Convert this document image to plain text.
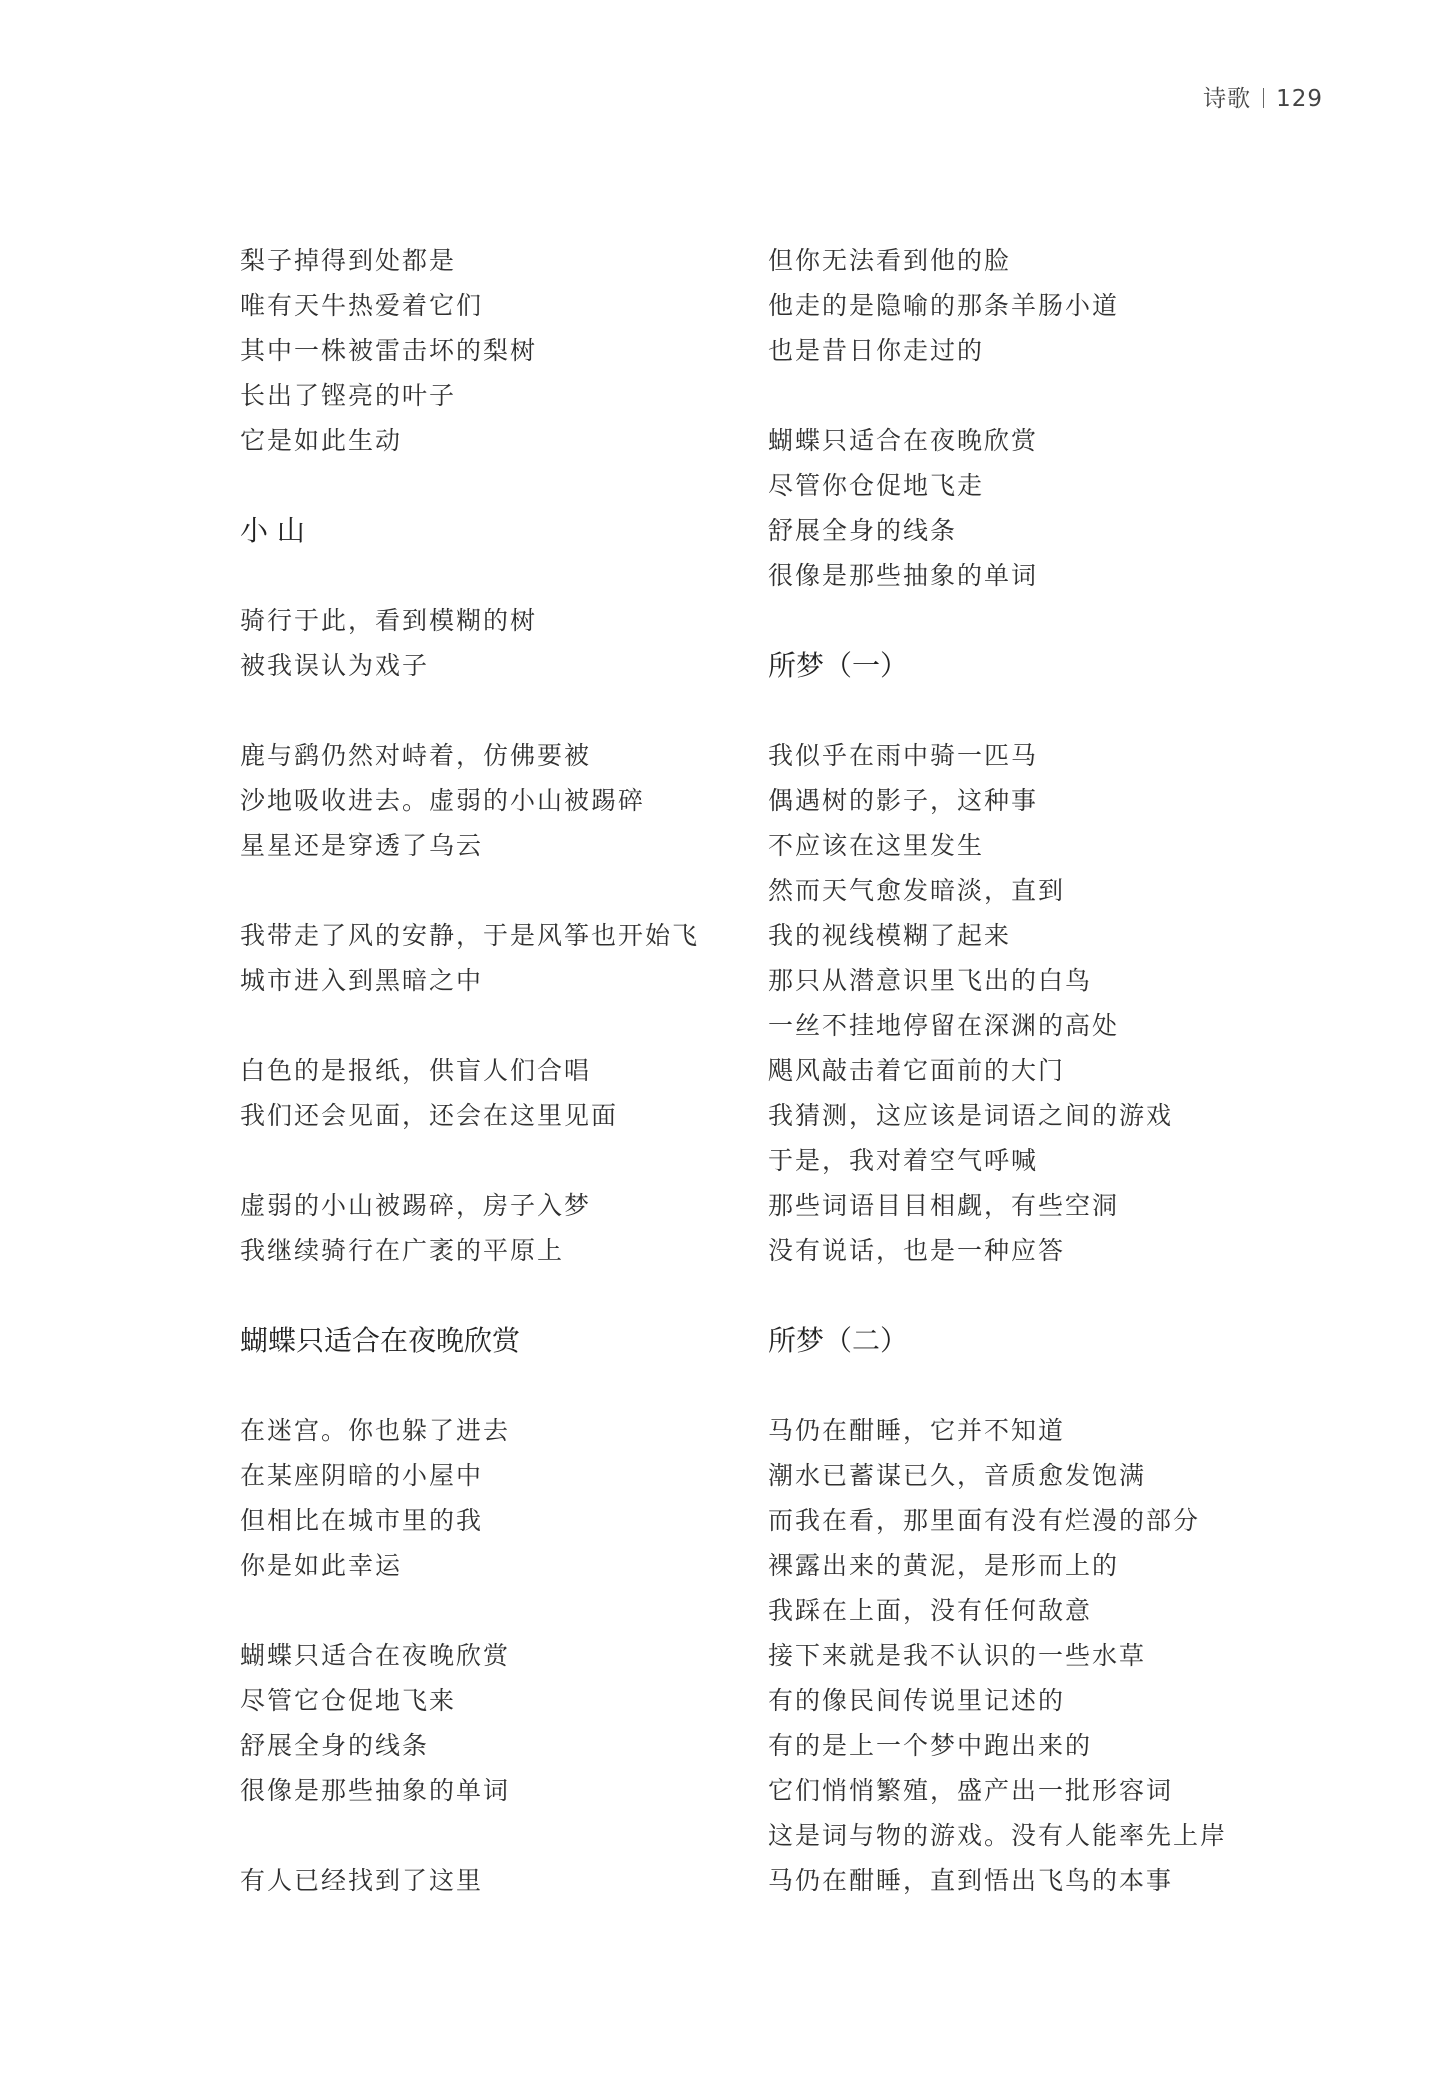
诗歌 129
梨子掉得到处都是
唯有天牛热爱着它们
其中一株被雷击坏的梨树
长出了铿亮的叶子
它是如此生动
小 山
骑行于此，看到模糊的树
被我误认为戏子
鹿与鹞仍然对峙着，仿佛要被
沙地吸收进去。虚弱的小山被踢碎
星星还是穿透了乌云
我带走了风的安静，于是风筝也开始飞
城市进入到黑暗之中
白色的是报纸，供盲人们合唱
我们还会见面，还会在这里见面
虚弱的小山被踢碎，房子入梦
我继续骑行在广袤的平原上
蝴蝶只适合在夜晚欣赏
在迷宫。你也躲了进去
在某座阴暗的小屋中
但相比在城市里的我
你是如此幸运
蝴蝶只适合在夜晚欣赏
尽管它仓促地飞来
舒展全身的线条
很像是那些抽象的单词
有人已经找到了这里
但你无法看到他的脸
他走的是隐喻的那条羊肠小道
也是昔日你走过的
蝴蝶只适合在夜晚欣赏
尽管你仓促地飞走
舒展全身的线条
很像是那些抽象的单词
所梦（一）
我似乎在雨中骑一匹马
偶遇树的影子，这种事
不应该在这里发生
然而天气愈发暗淡，直到
我的视线模糊了起来
那只从潜意识里飞出的白鸟
一丝不挂地停留在深渊的高处
飓风敲击着它面前的大门
我猜测，这应该是词语之间的游戏
于是，我对着空气呼喊
那些词语目目相觑，有些空洞
没有说话，也是一种应答
所梦（二）
马仍在酣睡，它并不知道
潮水已蓄谋已久，音质愈发饱满
而我在看，那里面有没有烂漫的部分
裸露出来的黄泥，是形而上的
我踩在上面，没有任何敌意
接下来就是我不认识的一些水草
有的像民间传说里记述的
有的是上一个梦中跑出来的
它们悄悄繁殖，盛产出一批形容词
这是词与物的游戏。没有人能率先上岸
马仍在酣睡，直到悟出飞鸟的本事
